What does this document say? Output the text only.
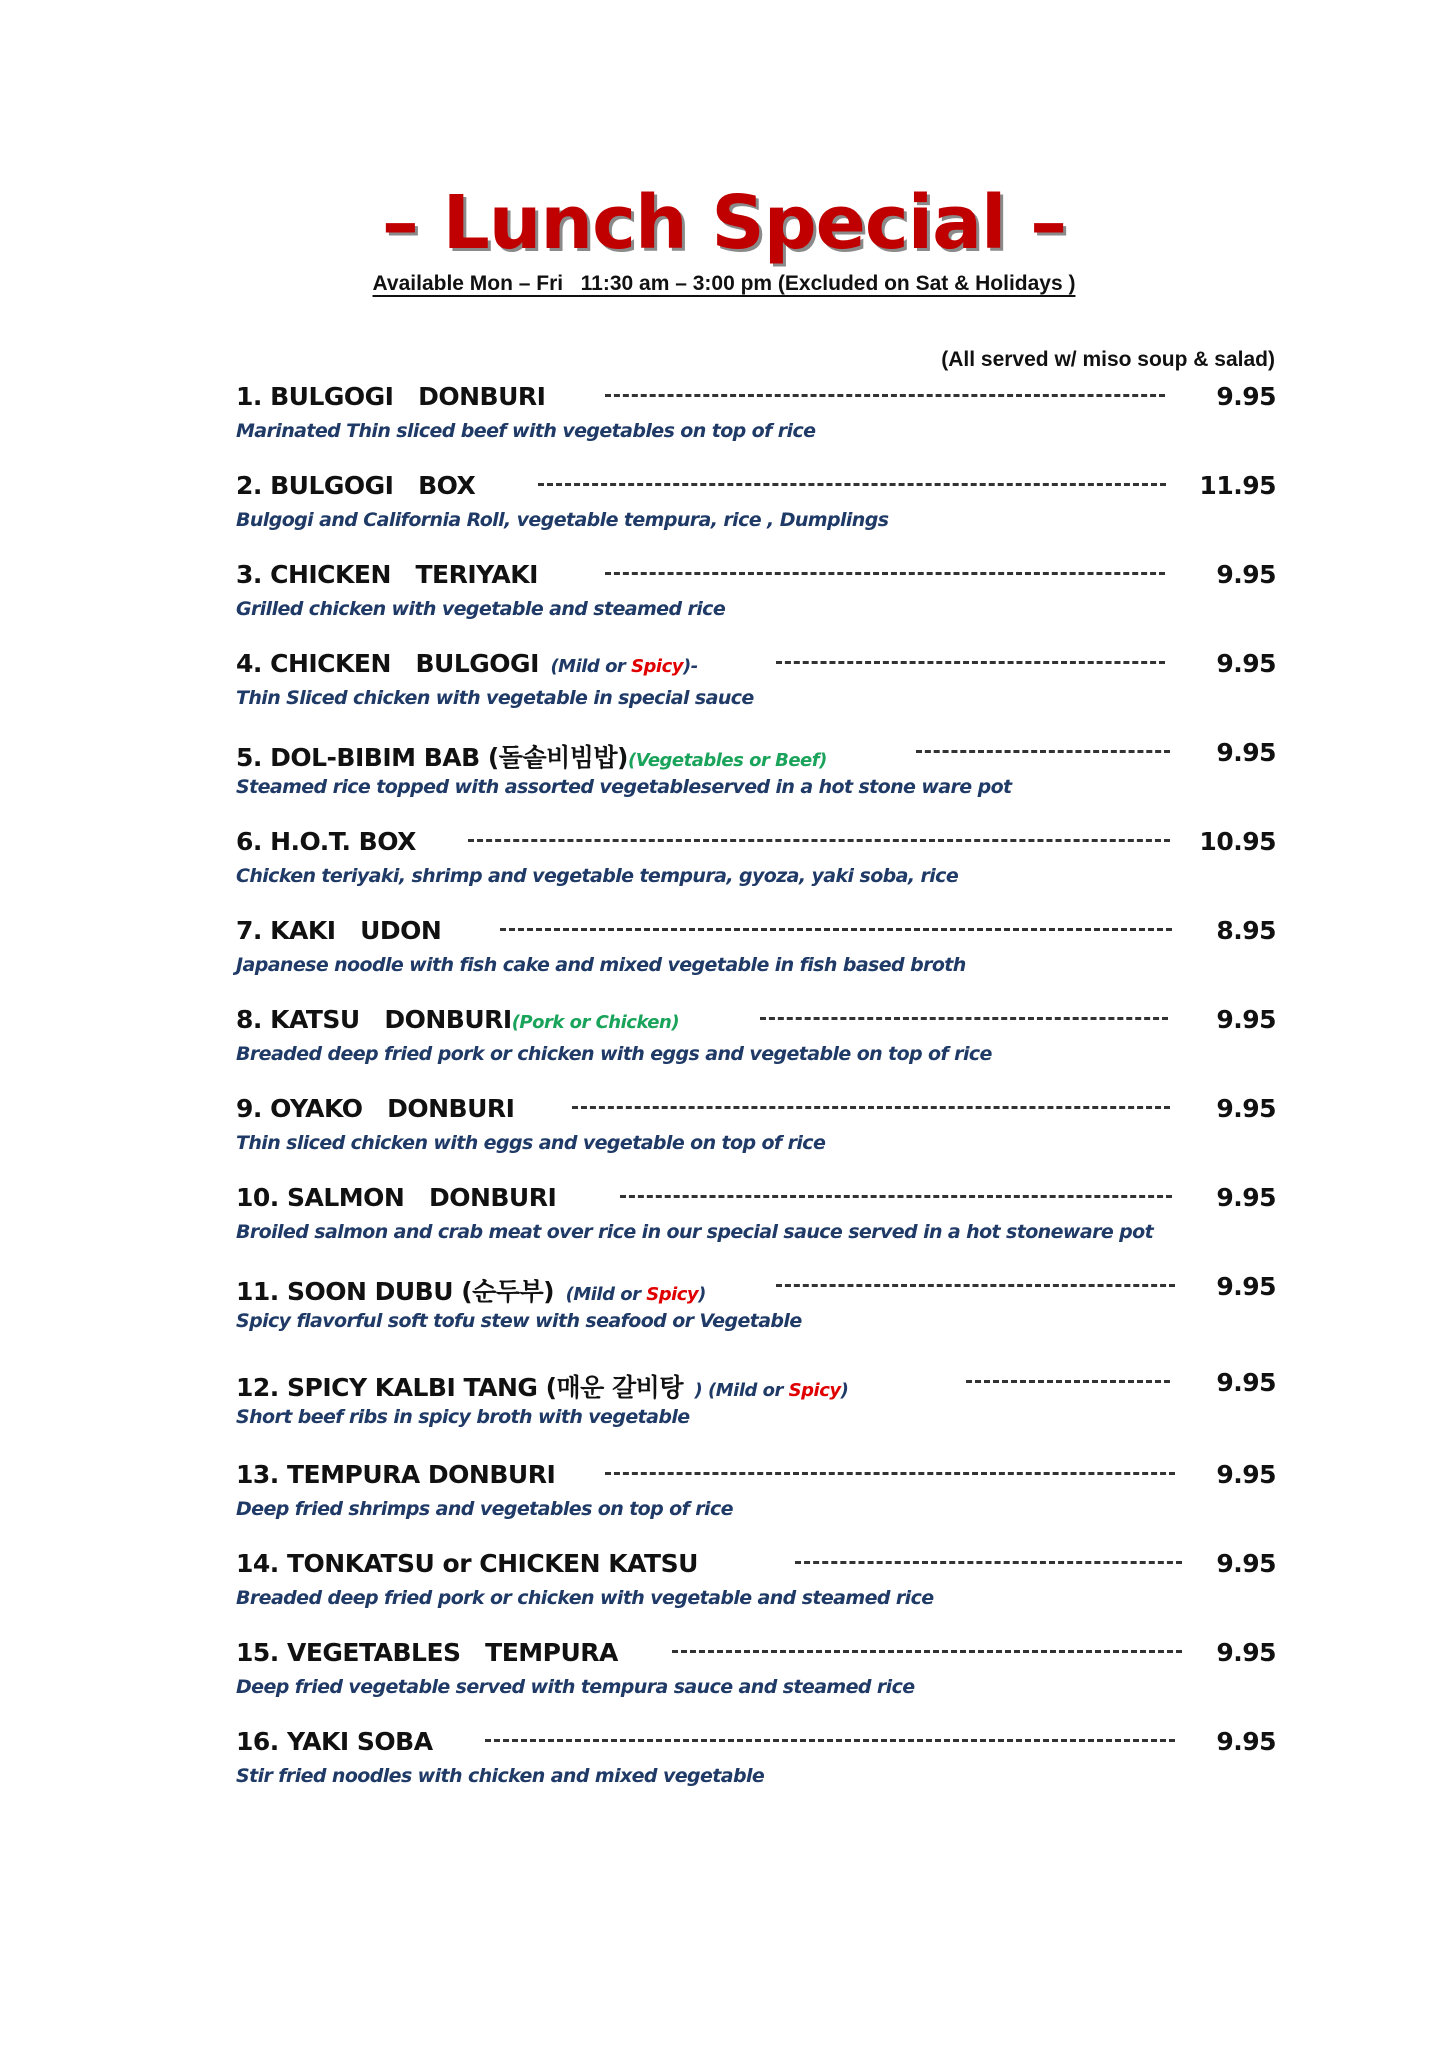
– Lunch Special –
Available Mon – Fri   11:30 am – 3:00 pm (Excluded on Sat & Holidays )
(All served w/ miso soup & salad)
1. BULGOGI   DONBURI	9.95
Marinated Thin sliced beef with vegetables on top of rice
2. BULGOGI   BOX	11.95
Bulgogi and California Roll, vegetable tempura, rice , Dumplings
3. CHICKEN   TERIYAKI	9.95
Grilled chicken with vegetable and steamed rice
4. CHICKEN   BULGOGI (Mild or Spicy)-	9.95
Thin Sliced chicken with vegetable in special sauce
5. DOL-BIBIM BAB (돌솥비빔밥)(Vegetables or Beef)	9.95
Steamed rice topped with assorted vegetableserved in a hot stone ware pot
6. H.O.T. BOX	10.95
Chicken teriyaki, shrimp and vegetable tempura, gyoza, yaki soba, rice
7. KAKI   UDON	8.95
Japanese noodle with fish cake and mixed vegetable in fish based broth
8. KATSU   DONBURI(Pork or Chicken)	9.95
Breaded deep fried pork or chicken with eggs and vegetable on top of rice
9. OYAKO   DONBURI	9.95
Thin sliced chicken with eggs and vegetable on top of rice
10. SALMON   DONBURI	9.95
Broiled salmon and crab meat over rice in our special sauce served in a hot stoneware pot
11. SOON DUBU (순두부) (Mild or Spicy)	9.95
Spicy flavorful soft tofu stew with seafood or Vegetable
12. SPICY KALBI TANG (매운 갈비탕 ) (Mild or Spicy)	9.95
Short beef ribs in spicy broth with vegetable
13. TEMPURA DONBURI	9.95
Deep fried shrimps and vegetables on top of rice
14. TONKATSU or CHICKEN KATSU	9.95
Breaded deep fried pork or chicken with vegetable and steamed rice
15. VEGETABLES   TEMPURA	9.95
Deep fried vegetable served with tempura sauce and steamed rice
16. YAKI SOBA	9.95
Stir fried noodles with chicken and mixed vegetable
